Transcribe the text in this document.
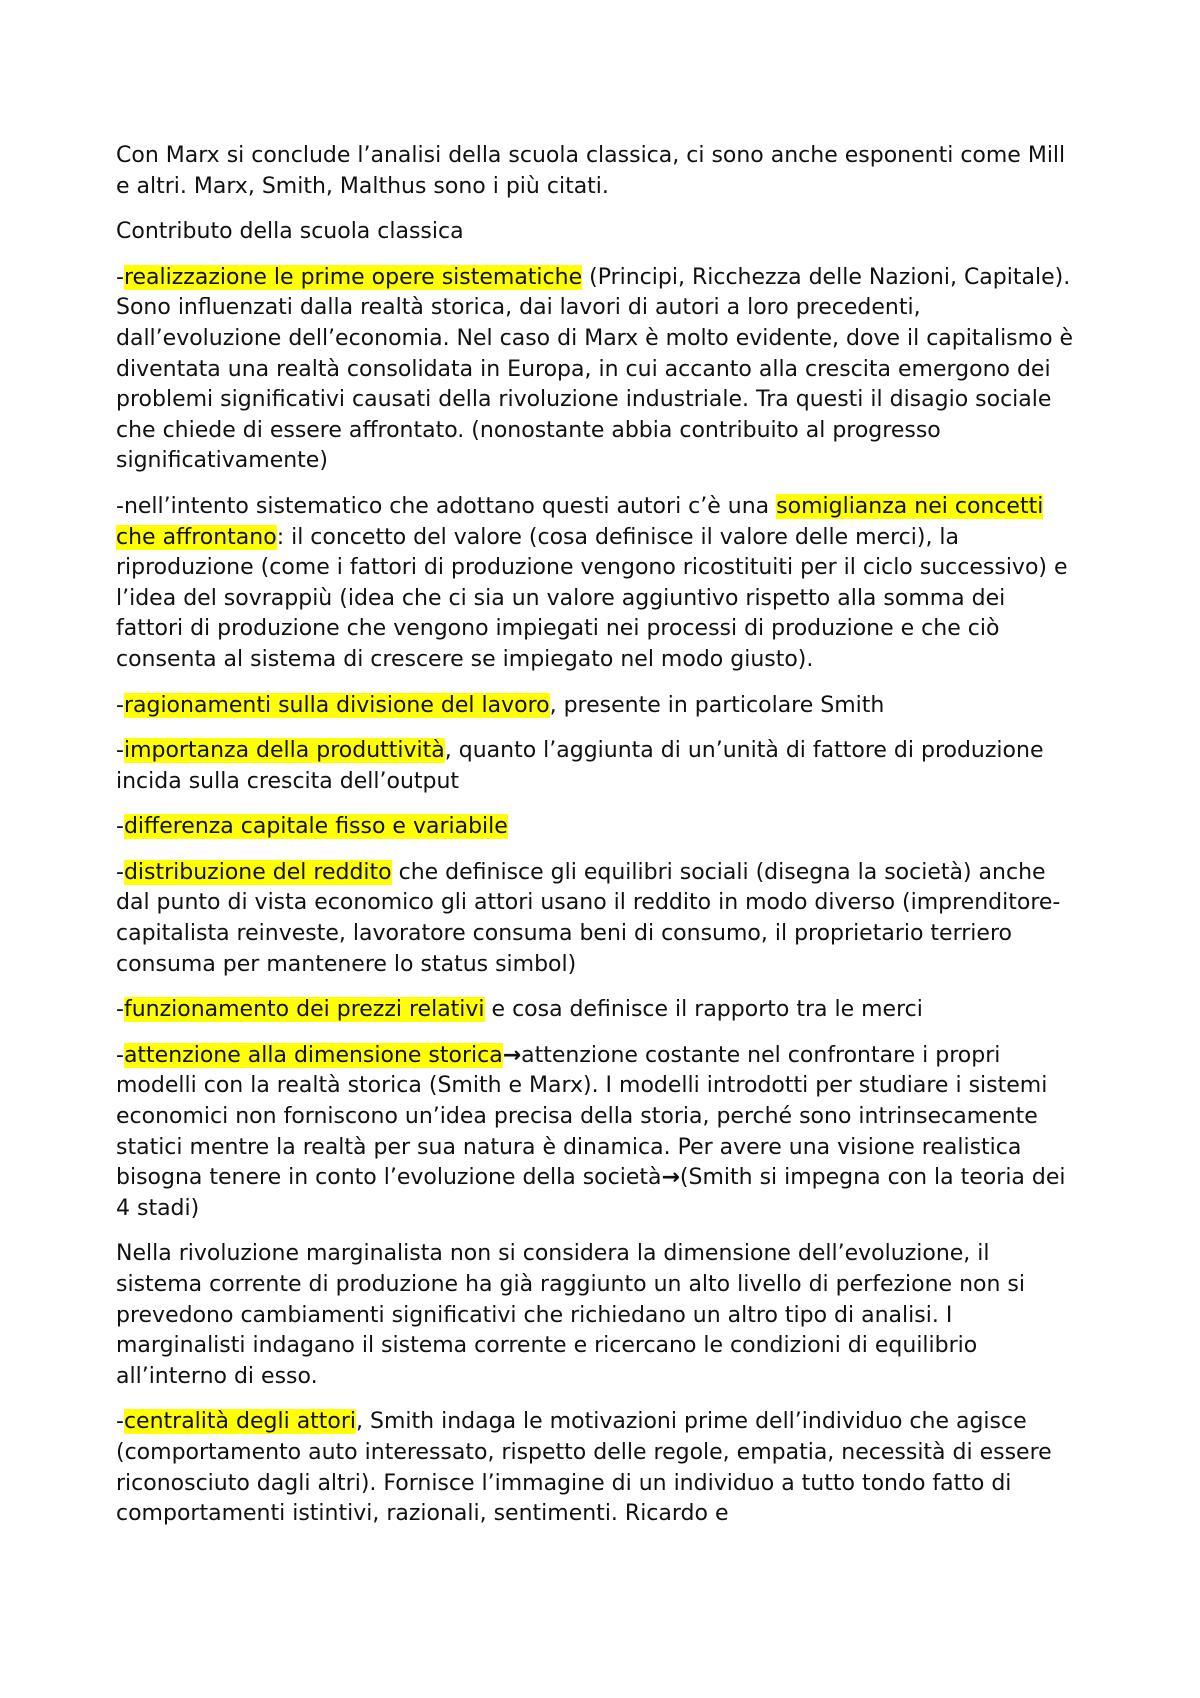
Con Marx si conclude l’analisi della scuola classica, ci sono anche esponenti come Mill e altri. Marx, Smith, Malthus sono i più citati.

Contributo della scuola classica

-realizzazione le prime opere sistematiche (Principi, Ricchezza delle Nazioni, Capitale). Sono influenzati dalla realtà storica, dai lavori di autori a loro precedenti, dall’evoluzione dell’economia. Nel caso di Marx è molto evidente, dove il capitalismo è diventata una realtà consolidata in Europa, in cui accanto alla crescita emergono dei problemi significativi causati della rivoluzione industriale. Tra questi il disagio sociale che chiede di essere affrontato. (nonostante abbia contribuito al progresso significativamente)

-nell’intento sistematico che adottano questi autori c’è una somiglianza nei concetti che affrontano: il concetto del valore (cosa definisce il valore delle merci), la riproduzione (come i fattori di produzione vengono ricostituiti per il ciclo successivo) e l’idea del sovrappiù (idea che ci sia un valore aggiuntivo rispetto alla somma dei fattori di produzione che vengono impiegati nei processi di produzione e che ciò consenta al sistema di crescere se impiegato nel modo giusto).

-ragionamenti sulla divisione del lavoro, presente in particolare Smith

-importanza della produttività, quanto l’aggiunta di un’unità di fattore di produzione incida sulla crescita dell’output

-differenza capitale fisso e variabile

-distribuzione del reddito che definisce gli equilibri sociali (disegna la società) anche dal punto di vista economico gli attori usano il reddito in modo diverso (imprenditore-capitalista reinveste, lavoratore consuma beni di consumo, il proprietario terriero consuma per mantenere lo status simbol)

-funzionamento dei prezzi relativi e cosa definisce il rapporto tra le merci

-attenzione alla dimensione storica→attenzione costante nel confrontare i propri modelli con la realtà storica (Smith e Marx). I modelli introdotti per studiare i sistemi economici non forniscono un’idea precisa della storia, perché sono intrinsecamente statici mentre la realtà per sua natura è dinamica. Per avere una visione realistica bisogna tenere in conto l’evoluzione della società→(Smith si impegna con la teoria dei 4 stadi)

Nella rivoluzione marginalista non si considera la dimensione dell’evoluzione, il sistema corrente di produzione ha già raggiunto un alto livello di perfezione non si prevedono cambiamenti significativi che richiedano un altro tipo di analisi. I marginalisti indagano il sistema corrente e ricercano le condizioni di equilibrio all’interno di esso.

-centralità degli attori, Smith indaga le motivazioni prime dell’individuo che agisce (comportamento auto interessato, rispetto delle regole, empatia, necessità di essere riconosciuto dagli altri). Fornisce l’immagine di un individuo a tutto tondo fatto di comportamenti istintivi, razionali, sentimenti. Ricardo e
